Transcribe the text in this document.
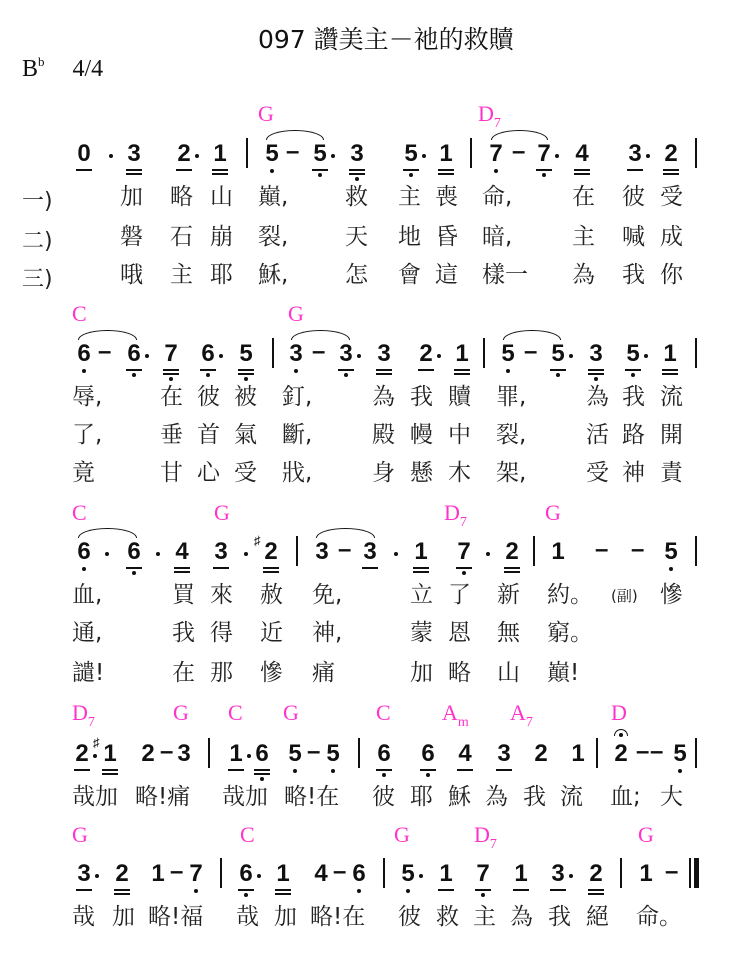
097 讚美主－祂的救贖
$B^b$ 4/4
G	$D_7$
0 3 2 1 5 – 5 3 5 1 7 – 7 4 3 2
一)	加 略 山 巔, 救 主 喪 命,	在 彼 受
二)	磐 石 崩 裂, 天 地 昏 暗,	主 喊 成
三)	哦 主 耶 穌, 怎 會 這 樣一 為 我 你
C	G
6 – 6 7 6 5 3 – 3 3 2 1 5 – 5 3 5 1
辱,	在 彼 被 釘,	為 我 贖 罪,	為 我 流
了,	垂 首 氣 斷,	殿 幔 中 裂,	活 路 開
竟	甘 心 受 戕,	身 懸 木 架,	受 神 責
C	G	$D_7$	G
6 6 4 3 2
♯ 3 – 3 1 7 2 1 – – 5
血,	買 來 赦 免,	立 了 新 約。 (副) 慘
通,	我 得 近 神,	蒙 恩 無 窮。
譴!	在 那 慘 痛	加 略 山 巔!
$D_7$	G C G	C $A_m$ $A_7$	D
2 1
♯ 2 – 3 1 6 5 – 5 6 6 4 3 2 1 2 – – 5
哉加 略!痛 哉加 略!在 彼 耶 穌 為 我 流 血; 大
G	C	G	$D_7$	G
3 2 1 – 7 6 1 4 – 6 5 1 7 1 3 2 1 –
哉 加 略!福 哉 加 略!在 彼 救 主 為 我 絕 命。
